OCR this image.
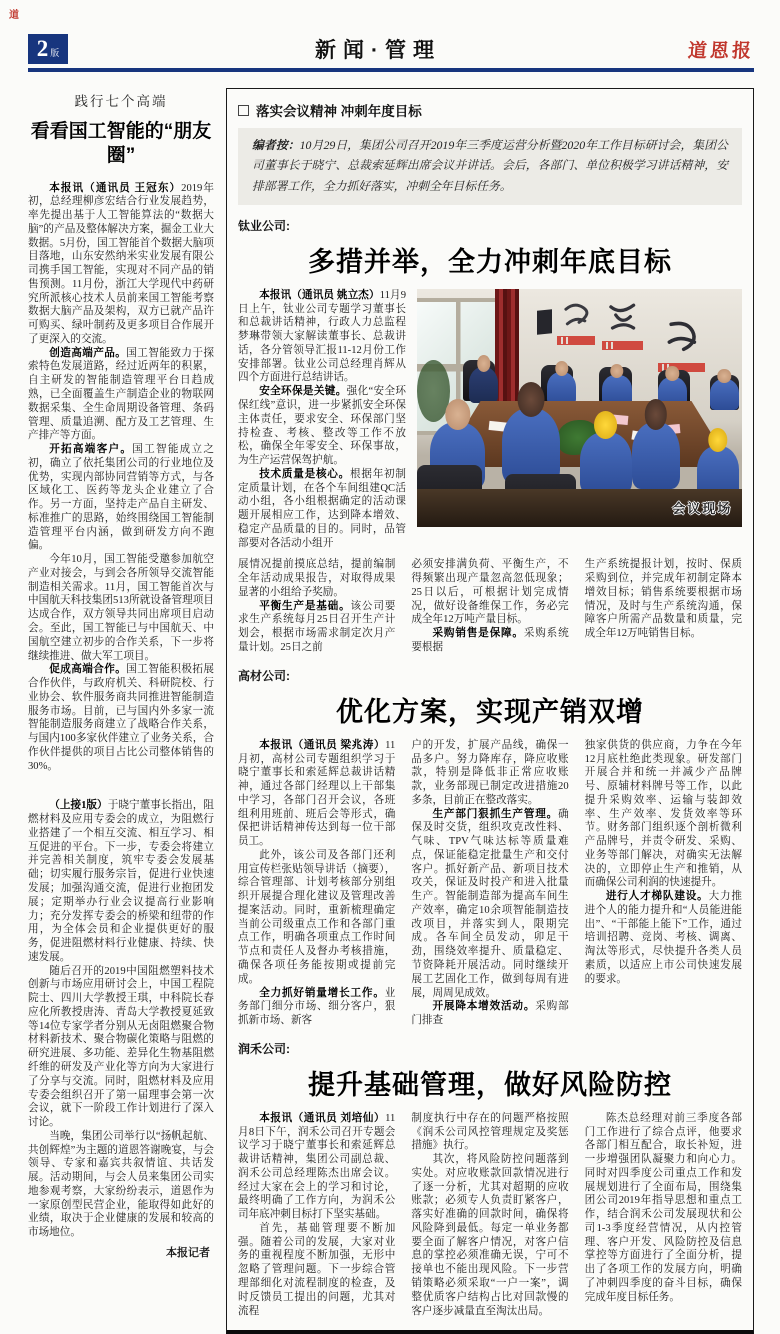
道
2 版	新闻·管理	道恩报
践行七个高端
看看国工智能的“朋友圈”

本报讯（通讯员 王冠东）2019年初，总经理柳彦宏结合行业发展趋势，率先提出基于人工智能算法的“数据大脑”的产品及整体解决方案，掘金工业大数据。5月份，国工智能首个数据大脑项目落地，山东安然纳米实业发展有限公司携手国工智能，实现对不同产品的销售预测。11月份，浙江大学现代中药研究所派核心技术人员前来国工智能考察数据大脑产品及架构，双方已就产品许可购买、绿叶制药及更多项目合作展开了更深入的交流。

创造高端产品。国工智能致力于探索特色发展道路，经过近两年的积累，自主研发的智能制造管理平台日趋成熟，已全面覆盖生产制造企业的物联网数据采集、全生命周期设备管理、条码管理、质量追溯、配方及工艺管理、生产排产等方面。

开拓高端客户。国工智能成立之初，确立了依托集团公司的行业地位及优势，实现内部协同营销等方式，与各区域化工、医药等龙头企业建立了合作。另一方面，坚持走产品自主研发、标准推广的思路，始终围绕国工智能制造管理平台内涵，做到研发方向不跑偏。

今年10月，国工智能受邀参加航空产业对接会，与到会各所领导交流智能制造相关需求。11月，国工智能首次与中国航天科技集团513所就设备管理项目达成合作，双方领导共同出席项目启动会。至此，国工智能已与中国航天、中国航空建立初步的合作关系，下一步将继续推进、做大军工项目。

促成高端合作。国工智能积极拓展合作伙伴，与政府机关、科研院校、行业协会、软件服务商共同推进智能制造服务市场。目前，已与国内外多家一流智能制造服务商建立了战略合作关系，与国内100多家伙伴建立了业务关系，合作伙伴提供的项目占比公司整体销售的30%。

（上接1版）于晓宁董事长指出，阻燃材料及应用专委会的成立，为阻燃行业搭建了一个相互交流、相互学习、相互促进的平台。下一步，专委会将建立并完善相关制度，筑牢专委会发展基础；切实履行服务宗旨，促进行业快速发展；加强沟通交流，促进行业抱团发展；定期举办行业会议提高行业影响力；充分发挥专委会的桥梁和纽带的作用，为全体会员和企业提供更好的服务，促进阻燃材料行业健康、持续、快速发展。

随后召开的2019中国阻燃塑料技术创新与市场应用研讨会上，中国工程院院士、四川大学教授王琪，中科院长春应化所教授唐涛、青岛大学教授夏延致等14位专家学者分别从无卤阻燃聚合物材料新技术、聚合物碳化策略与阻燃的研究进展、多功能、差异化生物基阻燃纤维的研发及产业化等方向为大家进行了分享与交流。同时，阻燃材料及应用专委会组织召开了第一届理事会第一次会议，就下一阶段工作计划进行了深入讨论。

当晚，集团公司举行以“扬帆起航、共创辉煌”为主题的道恩答谢晚宴，与会领导、专家和嘉宾共叙情谊、共话发展。活动期间，与会人员来集团公司实地参观考察，大家纷纷表示，道恩作为一家原创型民营企业，能取得如此好的业绩，取决于企业健康的发展和较高的市场地位。

本报记者
落实会议精神 冲刺年度目标
编者按：10月29日，集团公司召开2019年三季度运营分析暨2020年工作目标研讨会，集团公司董事长于晓宁、总裁索延辉出席会议并讲话。会后，各部门、单位积极学习讲话精神，安排部署工作，全力抓好落实，冲刺全年目标任务。
钛业公司:
多措并举，全力冲刺年底目标

本报讯（通讯员 姚立杰）11月9日上午，钛业公司专题学习董事长和总裁讲话精神，行政人力总监程梦琳带领大家解读董事长、总裁讲话，各分管领导汇报11-12月份工作安排部署。钛业公司总经理肖辉从四个方面进行总结讲话。

安全环保是关键。强化“安全环保红线”意识，进一步紧抓安全环保主体责任，要求安全、环保部门坚持检查、考核、整改等工作不放松，确保全年零安全、环保事故，为生产运营保驾护航。

技术质量是核心。根据年初制定质量计划，在各个车间组建QC活动小组，各小组根据确定的活动课题开展相应工作，达到降本增效、稳定产品质量的目的。同时，品管部要对各活动小组开

会议现场

展情况提前摸底总结，提前编制全年活动成果报告，对取得成果显著的小组给予奖励。

平衡生产是基础。该公司要求生产系统每月25日召开生产计划会，根据市场需求制定次月产量计划。25日之前

必须安排满负荷、平衡生产，不得频繁出现产量忽高忽低现象；25日以后，可根据计划完成情况，做好设备维保工作，务必完成全年12万吨产量目标。

采购销售是保障。采购系统要根据

生产系统提报计划，按时、保质采购到位，并完成年初制定降本增效目标；销售系统要根据市场情况，及时与生产系统沟通，保障客户所需产品数量和质量，完成全年12万吨销售目标。

高材公司:
优化方案，实现产销双增

本报讯（通讯员 梁兆涛）11月初，高材公司专题组织学习于晓宁董事长和索延辉总裁讲话精神，通过各部门经理以上干部集中学习，各部门召开会议，各班组利用班前、班后会等形式，确保把讲话精神传达到每一位干部员工。

此外，该公司及各部门还利用宣传栏张贴领导讲话（摘要），综合管理部、计划考核部分别组织开展提合理化建议及管理改善提案活动。同时，重新梳理确定当前公司级重点工作和各部门重点工作，明确各项重点工作时间节点和责任人及督办考核措施，确保各项任务能按期或提前完成。

全力抓好销量增长工作。业务部门细分市场、细分客户，狠抓新市场、新客

户的开发，扩展产品线，确保一品多户。努力降库存，降应收账款，特别是降低非正常应收账款，业务部现已制定改进措施20多条，目前正在整改落实。

生产部门狠抓生产管理。确保及时交货，组织攻克改性料、气味、TPV气味达标等质量难点，保证能稳定批量生产和交付客户。抓好新产品、新项目技术攻关，保证及时投产和进入批量生产。智能制造部为提高车间生产效率，确定10余项智能制造技改项目，并落实到人，限期完成。各车间全员发动，卯足干劲，围绕效率提升、质量稳定、节资降耗开展活动。同时继续开展工艺固化工作，做到每周有进展，周周见成效。

开展降本增效活动。采购部门排查

独家供货的供应商，力争在今年12月底杜绝此类现象。研发部门开展合并和统一并减少产品牌号、原辅材料牌号等工作，以此提升采购效率、运输与装卸效率、生产效率、发货效率等环节。财务部门组织逐个剖析微利产品牌号，并责令研发、采购、业务等部门解决，对确实无法解决的，立即停止生产和推销，从而确保公司利润的快速提升。

进行人才梯队建设。大力推进个人的能力提升和“人员能进能出”、“干部能上能下”工作，通过培训招聘、竞岗、考核、调离、淘汰等形式，尽快提升各类人员素质，以适应上市公司快速发展的要求。

润禾公司:
提升基础管理，做好风险防控

本报讯（通讯员 刘培仙）11月8日下午，润禾公司召开专题会议学习于晓宁董事长和索延辉总裁讲话精神，集团公司副总裁、润禾公司总经理陈杰出席会议。经过大家在会上的学习和讨论，最终明确了工作方向，为润禾公司年底冲刺目标打下坚实基础。

首先，基础管理要不断加强。随着公司的发展，大家对业务的重视程度不断加强，无形中忽略了管理问题。下一步综合管理部细化对流程制度的检查，及时反馈员工提出的问题，尤其对流程

制度执行中存在的问题严格按照《润禾公司风控管理规定及奖惩措施》执行。

其次，将风险防控问题落到实处。对应收账款回款情况进行了逐一分析，尤其对超期的应收账款；必须专人负责盯紧客户，落实好准确的回款时间，确保将风险降到最低。每定一单业务都要全面了解客户情况，对客户信息的掌控必须准确无误，宁可不接单也不能出现风险。下一步营销策略必须采取“一户一案”，调整优质客户结构占比对回款慢的客户逐步减量直至淘汰出局。

陈杰总经理对前三季度各部门工作进行了综合点评，他要求各部门相互配合，取长补短，进一步增强团队凝聚力和向心力。同时对四季度公司重点工作和发展规划进行了全面布局，围绕集团公司2019年指导思想和重点工作，结合润禾公司发展现状和公司1-3季度经营情况，从内控管理、客户开发、风险防控及信息掌控等方面进行了全面分析，提出了各项工作的发展方向，明确了冲刺四季度的奋斗目标，确保完成年度目标任务。
